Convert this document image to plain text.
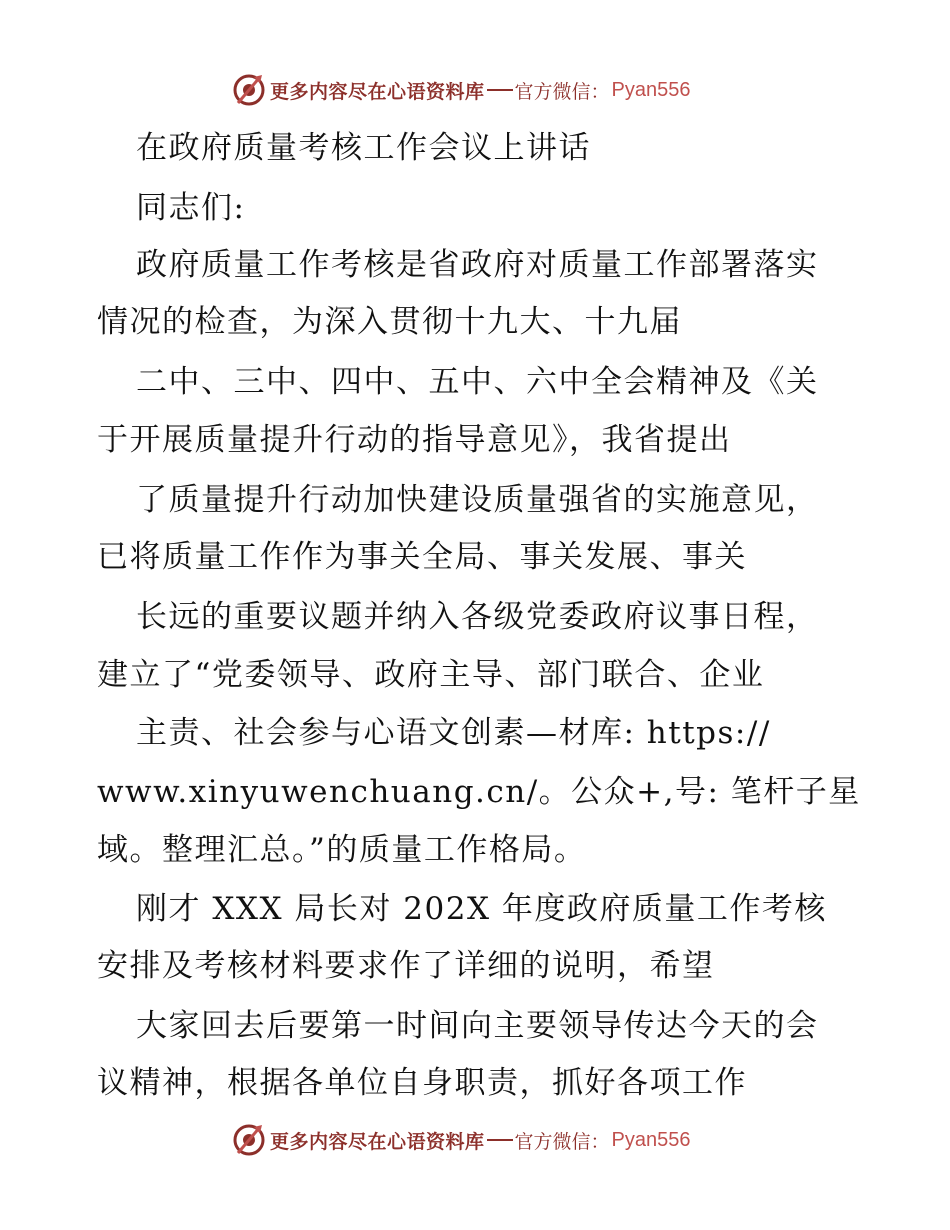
更多内容尽在心语资料库 官方微信： Pyan556
在政府质量考核工作会议上讲话
同志们:
政府质量工作考核是省政府对质量工作部署落实
情况的检查，为深入贯彻十九大、十九届
二中、三中、四中、五中、六中全会精神及《关
于开展质量提升行动的指导意见》，我省提出
了质量提升行动加快建设质量强省的实施意见，
已将质量工作作为事关全局、事关发展、事关
长远的重要议题并纳入各级党委政府议事日程，
建立了“党委领导、政府主导、部门联合、企业
主责、社会参与心语文创素—材库: https://
www.xinyuwenchuang.cn/。公众+,号: 笔杆子星
域。整理汇总。”的质量工作格局。
刚才 XXX 局长对 202X 年度政府质量工作考核
安排及考核材料要求作了详细的说明，希望
大家回去后要第一时间向主要领导传达今天的会
议精神，根据各单位自身职责，抓好各项工作
更多内容尽在心语资料库 官方微信： Pyan556
